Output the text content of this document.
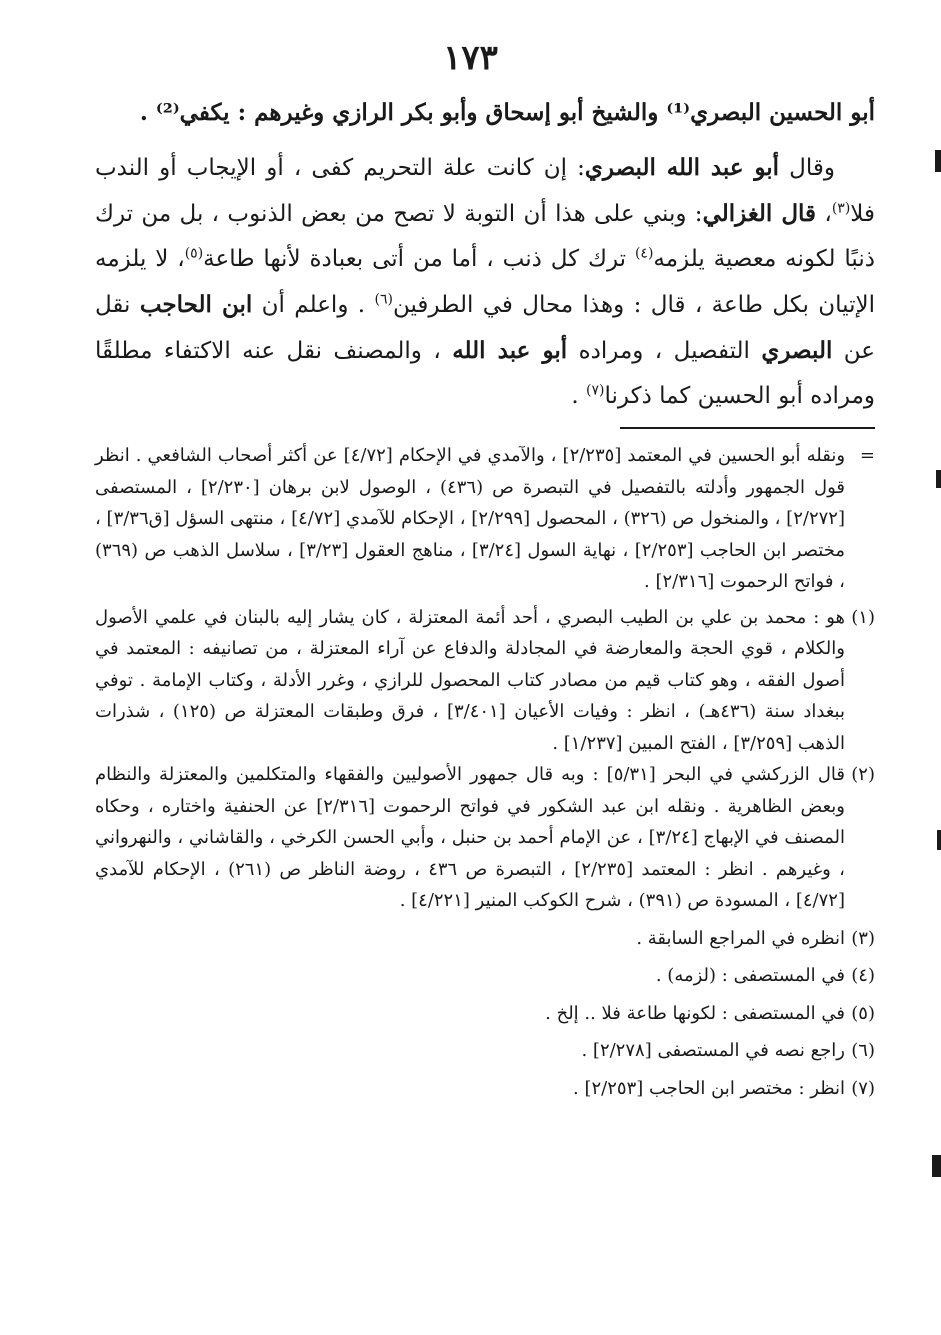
١٧٣

أبو الحسين البصري⁽¹⁾ والشيخ أبو إسحاق وأبو بكر الرازي وغيرهم : يكفي⁽²⁾ .

وقال أبو عبد الله البصري: إن كانت علة التحريم كفى ، أو الإيجاب أو الندب فلا$^{(٣)}$، قال الغزالي: وبني على هذا أن التوبة لا تصح من بعض الذنوب ، بل من ترك ذنبًا لكونه معصية يلزمه$^{(٤)}$ ترك كل ذنب ، أما من أتى بعبادة لأنها طاعة$^{(٥)}$، لا يلزمه الإتيان بكل طاعة ، قال : وهذا محال في الطرفين$^{(٦)}$ . واعلم أن ابن الحاجب نقل عن البصري التفصيل ، ومراده أبو عبد الله ، والمصنف نقل عنه الاكتفاء مطلقًا ومراده أبو الحسين كما ذكرنا$^{(٧)}$ .

=
ونقله أبو الحسين في المعتمد [٢/٢٣٥] ، والآمدي في الإحكام [٤/٧٢] عن أكثر أصحاب الشافعي . انظر قول الجمهور وأدلته بالتفصيل في التبصرة ص (٤٣٦) ، الوصول لابن برهان [٢/٢٣٠] ، المستصفى [٢/٢٧٢] ، والمنخول ص (٣٢٦) ، المحصول [٢/٢٩٩] ، الإحكام للآمدي [٤/٧٢] ، منتهى السؤل [ق٣/٣٦] ، مختصر ابن الحاجب [٢/٢٥٣] ، نهاية السول [٣/٢٤] ، مناهج العقول [٣/٢٣] ، سلاسل الذهب ص (٣٦٩) ، فواتح الرحموت [٢/٣١٦] .
(١)
هو : محمد بن علي بن الطيب البصري ، أحد أئمة المعتزلة ، كان يشار إليه بالبنان في علمي الأصول والكلام ، قوي الحجة والمعارضة في المجادلة والدفاع عن آراء المعتزلة ، من تصانيفه : المعتمد في أصول الفقه ، وهو كتاب قيم من مصادر كتاب المحصول للرازي ، وغرر الأدلة ، وكتاب الإمامة . توفي ببغداد سنة (٤٣٦هـ) ، انظر : وفيات الأعيان [٣/٤٠١] ، فرق وطبقات المعتزلة ص (١٢٥) ، شذرات الذهب [٣/٢٥٩] ، الفتح المبين [١/٢٣٧] .
(٢)
قال الزركشي في البحر [٥/٣١] : وبه قال جمهور الأصوليين والفقهاء والمتكلمين والمعتزلة والنظام وبعض الظاهرية . ونقله ابن عبد الشكور في فواتح الرحموت [٢/٣١٦] عن الحنفية واختاره ، وحكاه المصنف في الإبهاج [٣/٢٤] ، عن الإمام أحمد بن حنبل ، وأبي الحسن الكرخي ، والقاشاني ، والنهرواني ، وغيرهم . انظر : المعتمد [٢/٢٣٥] ، التبصرة ص ٤٣٦ ، روضة الناظر ص (٢٦١) ، الإحكام للآمدي [٤/٧٢] ، المسودة ص (٣٩١) ، شرح الكوكب المنير [٤/٢٢١] .
(٣)
انظره في المراجع السابقة .
(٤)
في المستصفى : (لزمه) .
(٥)
في المستصفى : لكونها طاعة فلا .. إلخ .
(٦)
راجع نصه في المستصفى [٢/٢٧٨] .
(٧)
انظر : مختصر ابن الحاجب [٢/٢٥٣] .
